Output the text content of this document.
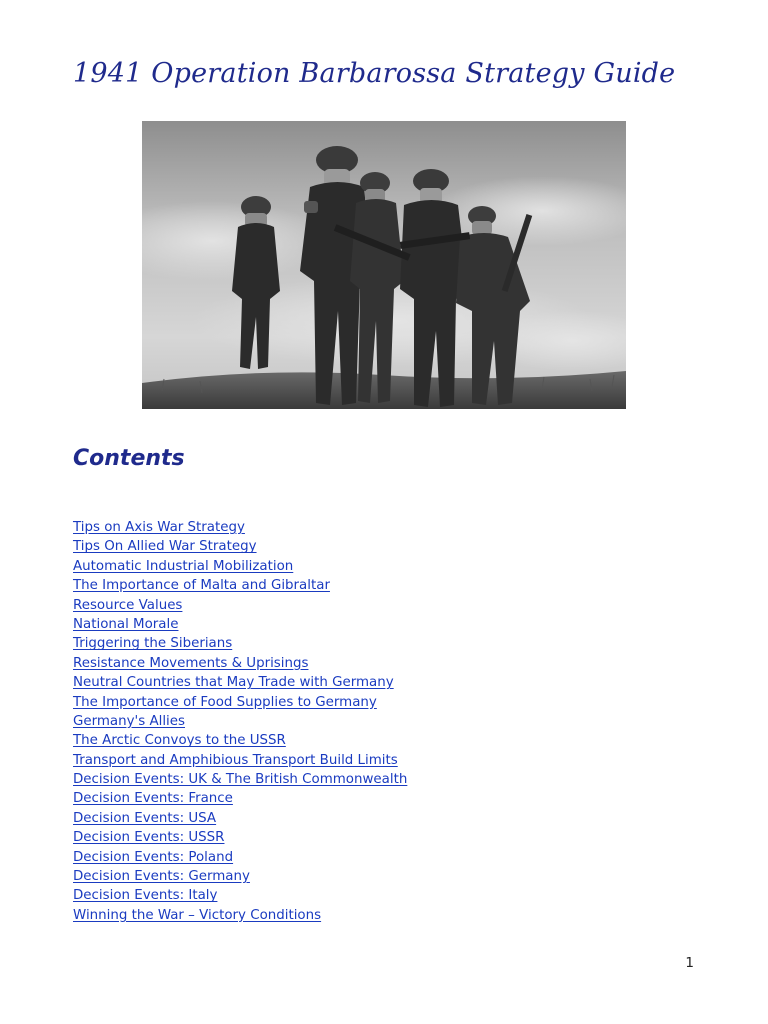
1941 Operation Barbarossa Strategy Guide
Contents
Tips on Axis War Strategy
Tips On Allied War Strategy
Automatic Industrial Mobilization
The Importance of Malta and Gibraltar
Resource Values
National Morale
Triggering the Siberians
Resistance Movements & Uprisings
Neutral Countries that May Trade with Germany
The Importance of Food Supplies to Germany
Germany's Allies
The Arctic Convoys to the USSR
Transport and Amphibious Transport Build Limits
Decision Events: UK & The British Commonwealth
Decision Events: France
Decision Events: USA
Decision Events: USSR
Decision Events: Poland
Decision Events: Germany
Decision Events: Italy
Winning the War – Victory Conditions
1
